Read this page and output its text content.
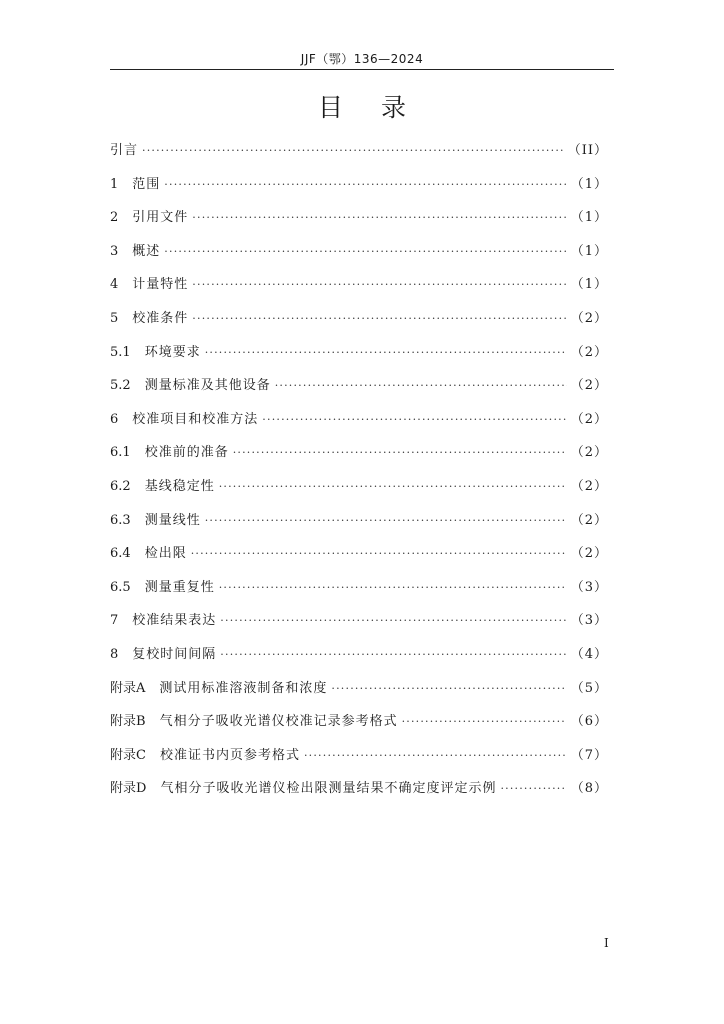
JJF（鄂）136—2024
目录
引言 ·····	（II）
1 范围 ·····	（1）
2 引用文件 ·····	（1）
3 概述 ·····	（1）
4 计量特性 ·····	（1）
5 校准条件 ·····	（2）
5.1 环境要求 ·····	（2）
5.2 测量标准及其他设备 ·····	（2）
6 校准项目和校准方法 ·····	（2）
6.1 校准前的准备 ·····	（2）
6.2 基线稳定性 ·····	（2）
6.3 测量线性 ·····	（2）
6.4 检出限 ·····	（2）
6.5 测量重复性 ·····	（3）
7 校准结果表达 ·····	（3）
8 复校时间间隔 ·····	（4）
附录A 测试用标准溶液制备和浓度 ·····	（5）
附录B 气相分子吸收光谱仪校准记录参考格式 ·····	（6）
附录C 校准证书内页参考格式 ·····	（7）
附录D 气相分子吸收光谱仪检出限测量结果不确定度评定示例 ·····	（8）
I
